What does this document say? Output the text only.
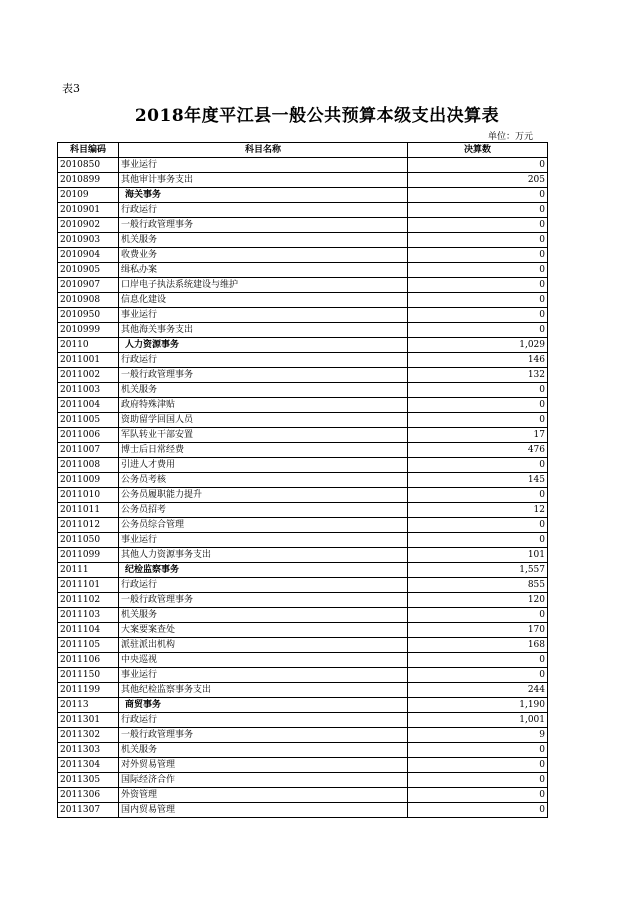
表3
2018年度平江县一般公共预算本级支出决算表
单位：万元
科目编码	科目名称	决算数
2010850	事业运行	0
2010899	其他审计事务支出	205
20109	海关事务	0
2010901	行政运行	0
2010902	一般行政管理事务	0
2010903	机关服务	0
2010904	收费业务	0
2010905	缉私办案	0
2010907	口岸电子执法系统建设与维护	0
2010908	信息化建设	0
2010950	事业运行	0
2010999	其他海关事务支出	0
20110	人力资源事务	1,029
2011001	行政运行	146
2011002	一般行政管理事务	132
2011003	机关服务	0
2011004	政府特殊津贴	0
2011005	资助留学回国人员	0
2011006	军队转业干部安置	17
2011007	博士后日常经费	476
2011008	引进人才费用	0
2011009	公务员考核	145
2011010	公务员履职能力提升	0
2011011	公务员招考	12
2011012	公务员综合管理	0
2011050	事业运行	0
2011099	其他人力资源事务支出	101
20111	纪检监察事务	1,557
2011101	行政运行	855
2011102	一般行政管理事务	120
2011103	机关服务	0
2011104	大案要案查处	170
2011105	派驻派出机构	168
2011106	中央巡视	0
2011150	事业运行	0
2011199	其他纪检监察事务支出	244
20113	商贸事务	1,190
2011301	行政运行	1,001
2011302	一般行政管理事务	9
2011303	机关服务	0
2011304	对外贸易管理	0
2011305	国际经济合作	0
2011306	外资管理	0
2011307	国内贸易管理	0
